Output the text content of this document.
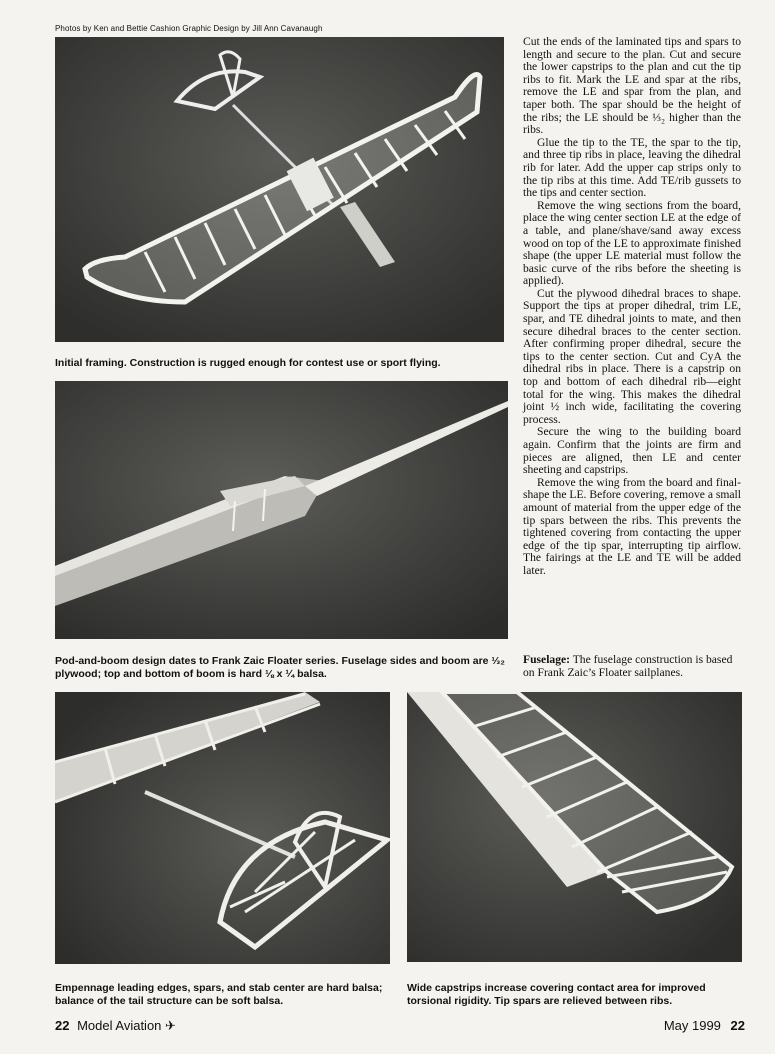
Photos by Ken and Bettie Cashion Graphic Design by Jill Ann Cavanaugh
Initial framing. Construction is rugged enough for contest use or sport flying.
Pod-and-boom design dates to Frank Zaic Floater series. Fuselage sides and boom are ⅓₂ plywood; top and bottom of boom is hard ⅛ x ¼ balsa.
Empennage leading edges, spars, and stab center are hard balsa; balance of the tail structure can be soft balsa.
Wide capstrips increase covering contact area for improved torsional rigidity. Tip spars are relieved between ribs.

Cut the ends of the laminated tips and spars to length and secure to the plan. Cut and secure the lower capstrips to the plan and cut the tip ribs to fit. Mark the LE and spar at the ribs, remove the LE and spar from the plan, and taper both. The spar should be the height of the ribs; the LE should be ⅓₂ higher than the ribs.

Glue the tip to the TE, the spar to the tip, and three tip ribs in place, leaving the dihedral rib for later. Add the upper cap strips only to the tip ribs at this time. Add TE/rib gussets to the tips and center section.

Remove the wing sections from the board, place the wing center section LE at the edge of a table, and plane/shave/sand away excess wood on top of the LE to approximate finished shape (the upper LE material must follow the basic curve of the ribs before the sheeting is applied).

Cut the plywood dihedral braces to shape. Support the tips at proper dihedral, trim LE, spar, and TE dihedral joints to mate, and then secure dihedral braces to the center section. After confirming proper dihedral, secure the tips to the center section. Cut and CyA the dihedral ribs in place. There is a capstrip on top and bottom of each dihedral rib—eight total for the wing. This makes the dihedral joint ½ inch wide, facilitating the covering process.

Secure the wing to the building board again. Confirm that the joints are firm and pieces are aligned, then LE and center sheeting and capstrips.

Remove the wing from the board and final-shape the LE. Before covering, remove a small amount of material from the upper edge of the tip spars between the ribs. This prevents the tightened covering from contacting the upper edge of the tip spar, interrupting tip airflow. The fairings at the LE and TE will be added later.

Fuselage: The fuselage construction is based on Frank Zaic’s Floater sailplanes.
22 Model Aviation ✈	May 1999 22
